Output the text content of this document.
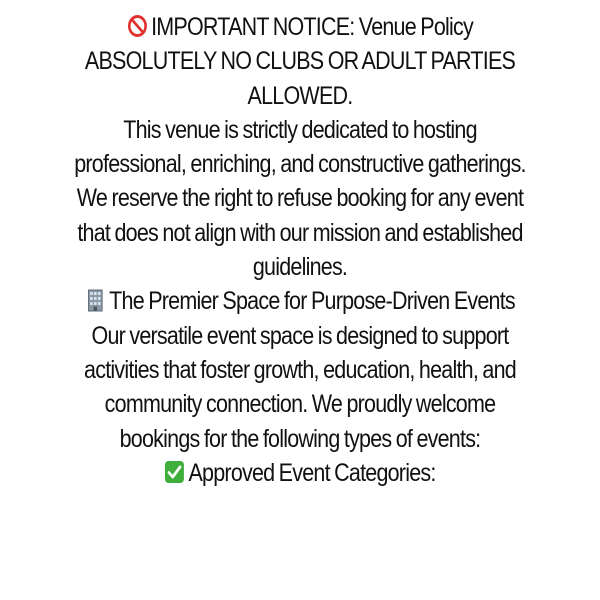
IMPORTANT NOTICE: Venue Policy
ABSOLUTELY NO CLUBS OR ADULT PARTIES
ALLOWED.
This venue is strictly dedicated to hosting
professional, enriching, and constructive gatherings.
We reserve the right to refuse booking for any event
that does not align with our mission and established
guidelines.
The Premier Space for Purpose-Driven Events
Our versatile event space is designed to support
activities that foster growth, education, health, and
community connection. We proudly welcome
bookings for the following types of events:
Approved Event Categories:
